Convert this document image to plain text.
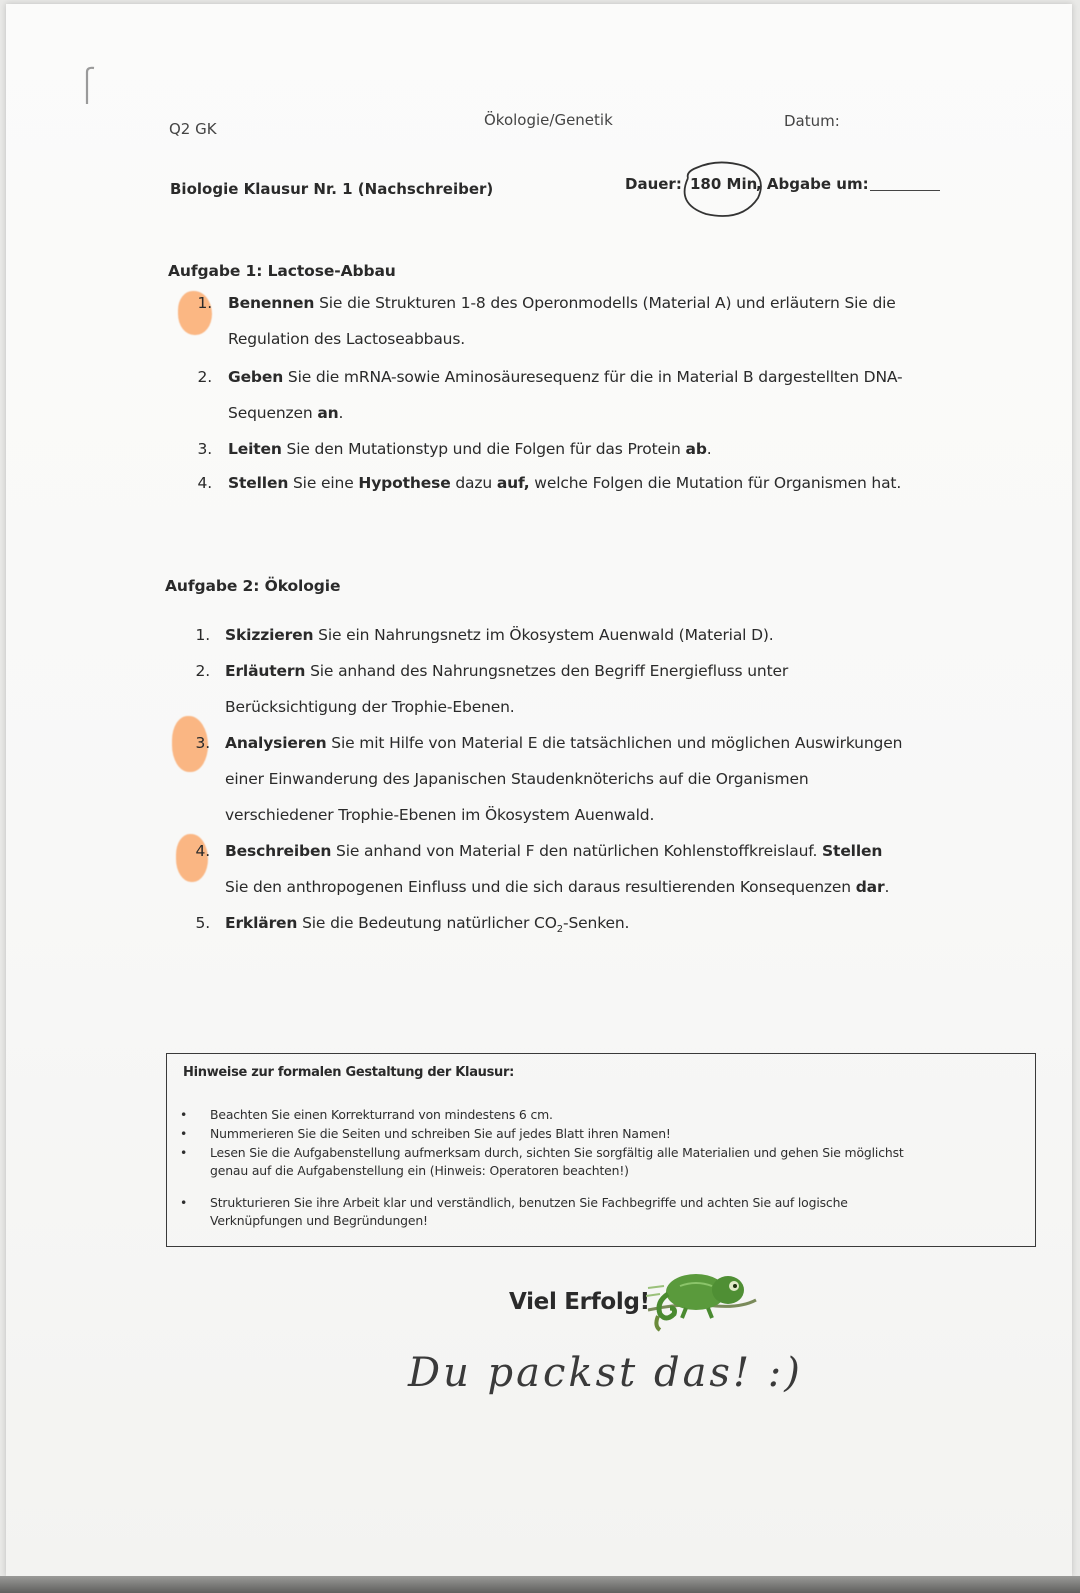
Q2 GK	Ökologie/Genetik	Datum:
Biologie Klausur Nr. 1 (Nachschreiber)	Dauer: 180 Min
, Abgabe um:
Aufgabe 1: Lactose-Abbau
1. Benennen Sie die Strukturen 1-8 des Operonmodells (Material A) und erläutern Sie die
Regulation des Lactoseabbaus.
2. Geben Sie die mRNA-sowie Aminosäuresequenz für die in Material B dargestellten DNA-
Sequenzen an.
3. Leiten Sie den Mutationstyp und die Folgen für das Protein ab.
4. Stellen Sie eine Hypothese dazu auf, welche Folgen die Mutation für Organismen hat.
Aufgabe 2: Ökologie
1. Skizzieren Sie ein Nahrungsnetz im Ökosystem Auenwald (Material D).
2. Erläutern Sie anhand des Nahrungsnetzes den Begriff Energiefluss unter
Berücksichtigung der Trophie-Ebenen.
3. Analysieren Sie mit Hilfe von Material E die tatsächlichen und möglichen Auswirkungen
einer Einwanderung des Japanischen Staudenknöterichs auf die Organismen
verschiedener Trophie-Ebenen im Ökosystem Auenwald.
4. Beschreiben Sie anhand von Material F den natürlichen Kohlenstoffkreislauf. Stellen
Sie den anthropogenen Einfluss und die sich daraus resultierenden Konsequenzen dar.
5. Erklären Sie die Bedeutung natürlicher $CO_2$-Senken.
Hinweise zur formalen Gestaltung der Klausur:
• Beachten Sie einen Korrekturrand von mindestens 6 cm.
• Nummerieren Sie die Seiten und schreiben Sie auf jedes Blatt ihren Namen!
• Lesen Sie die Aufgabenstellung aufmerksam durch, sichten Sie sorgfältig alle Materialien und gehen Sie möglichst
genau auf die Aufgabenstellung ein (Hinweis: Operatoren beachten!)
• Strukturieren Sie ihre Arbeit klar und verständlich, benutzen Sie Fachbegriffe und achten Sie auf logische
Verknüpfungen und Begründungen!
Viel Erfolg!
Du packst das! :)
